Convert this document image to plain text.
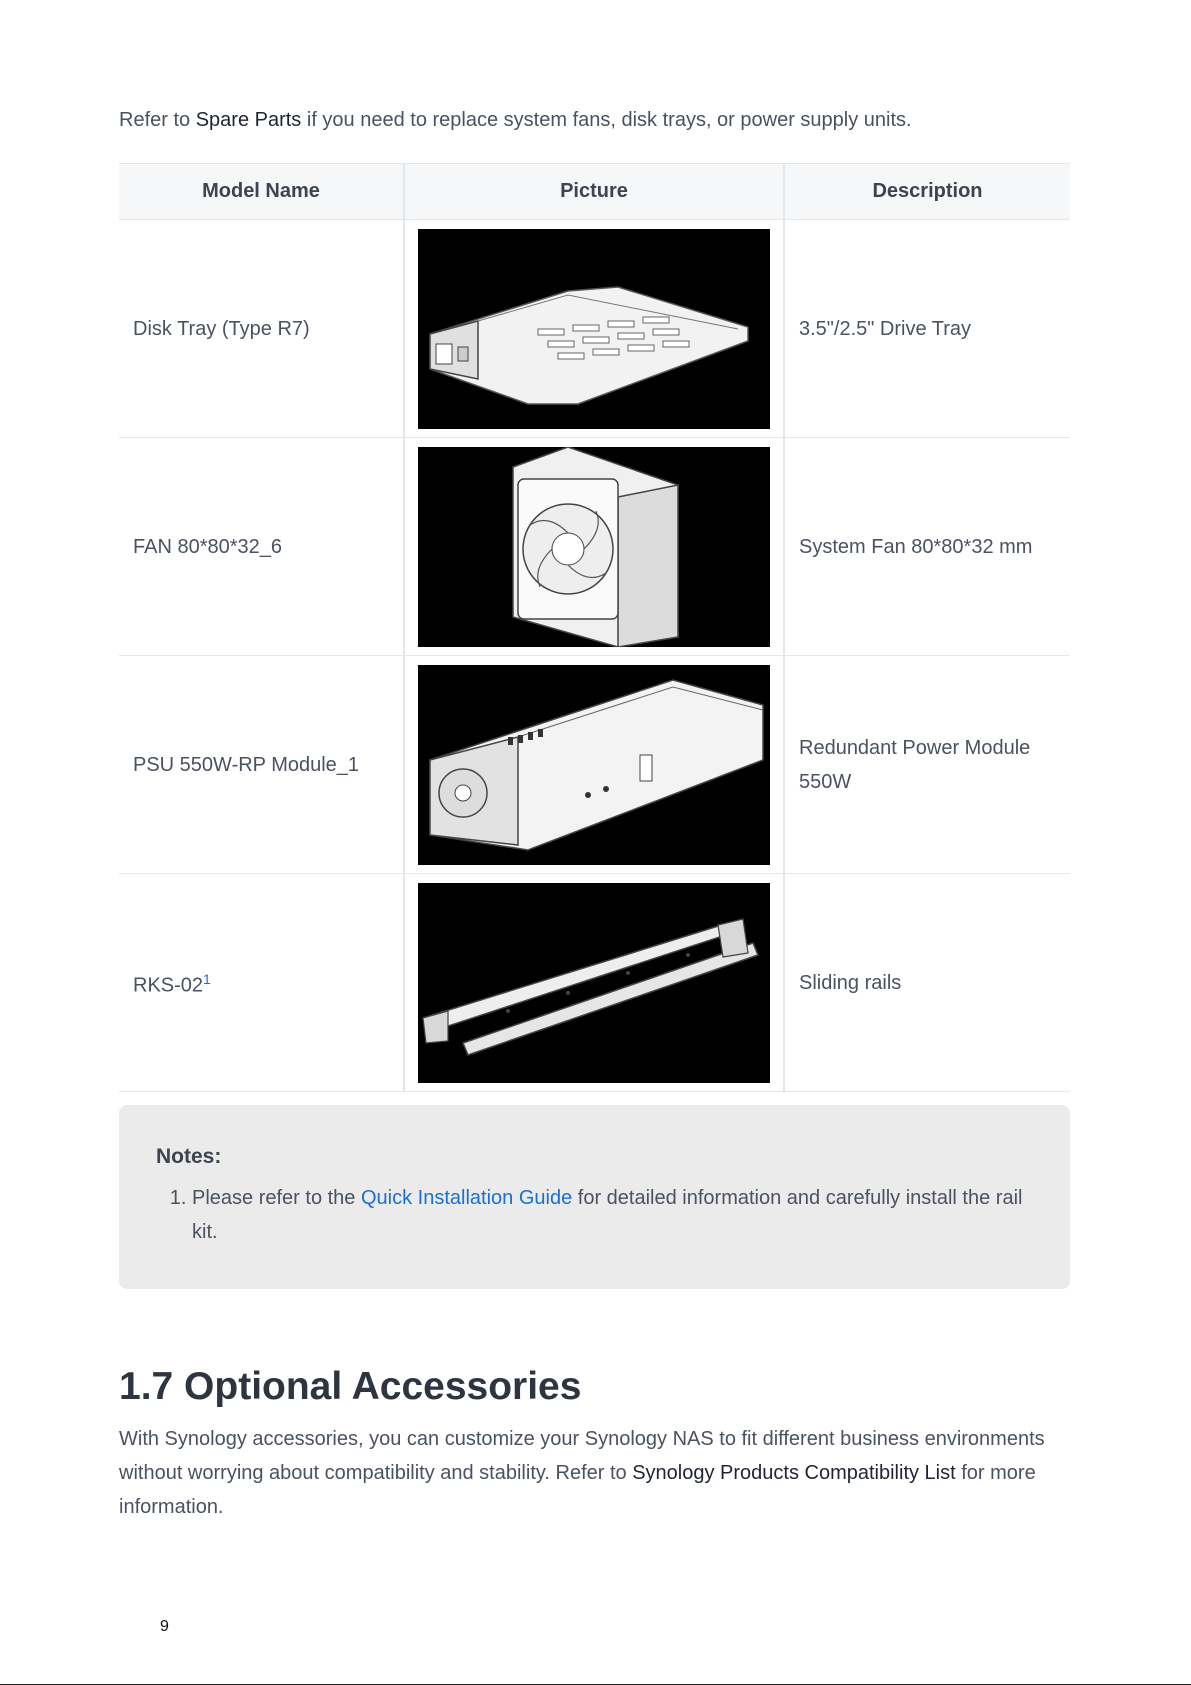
Refer to Spare Parts if you need to replace system fans, disk trays, or power supply units.

Model Name	Picture	Description
Disk Tray (Type R7)		3.5"/2.5" Drive Tray
FAN 80*80*32_6		System Fan 80*80*32 mm
PSU 550W-RP Module_1		Redundant Power Module 550W
RKS-02$^1$		Sliding rails

Notes:

1. Please refer to the Quick Installation Guide for detailed information and carefully install the rail kit.
1.7 Optional Accessories

With Synology accessories, you can customize your Synology NAS to fit different business environments without worrying about compatibility and stability. Refer to Synology Products Compatibility List for more information.

9
